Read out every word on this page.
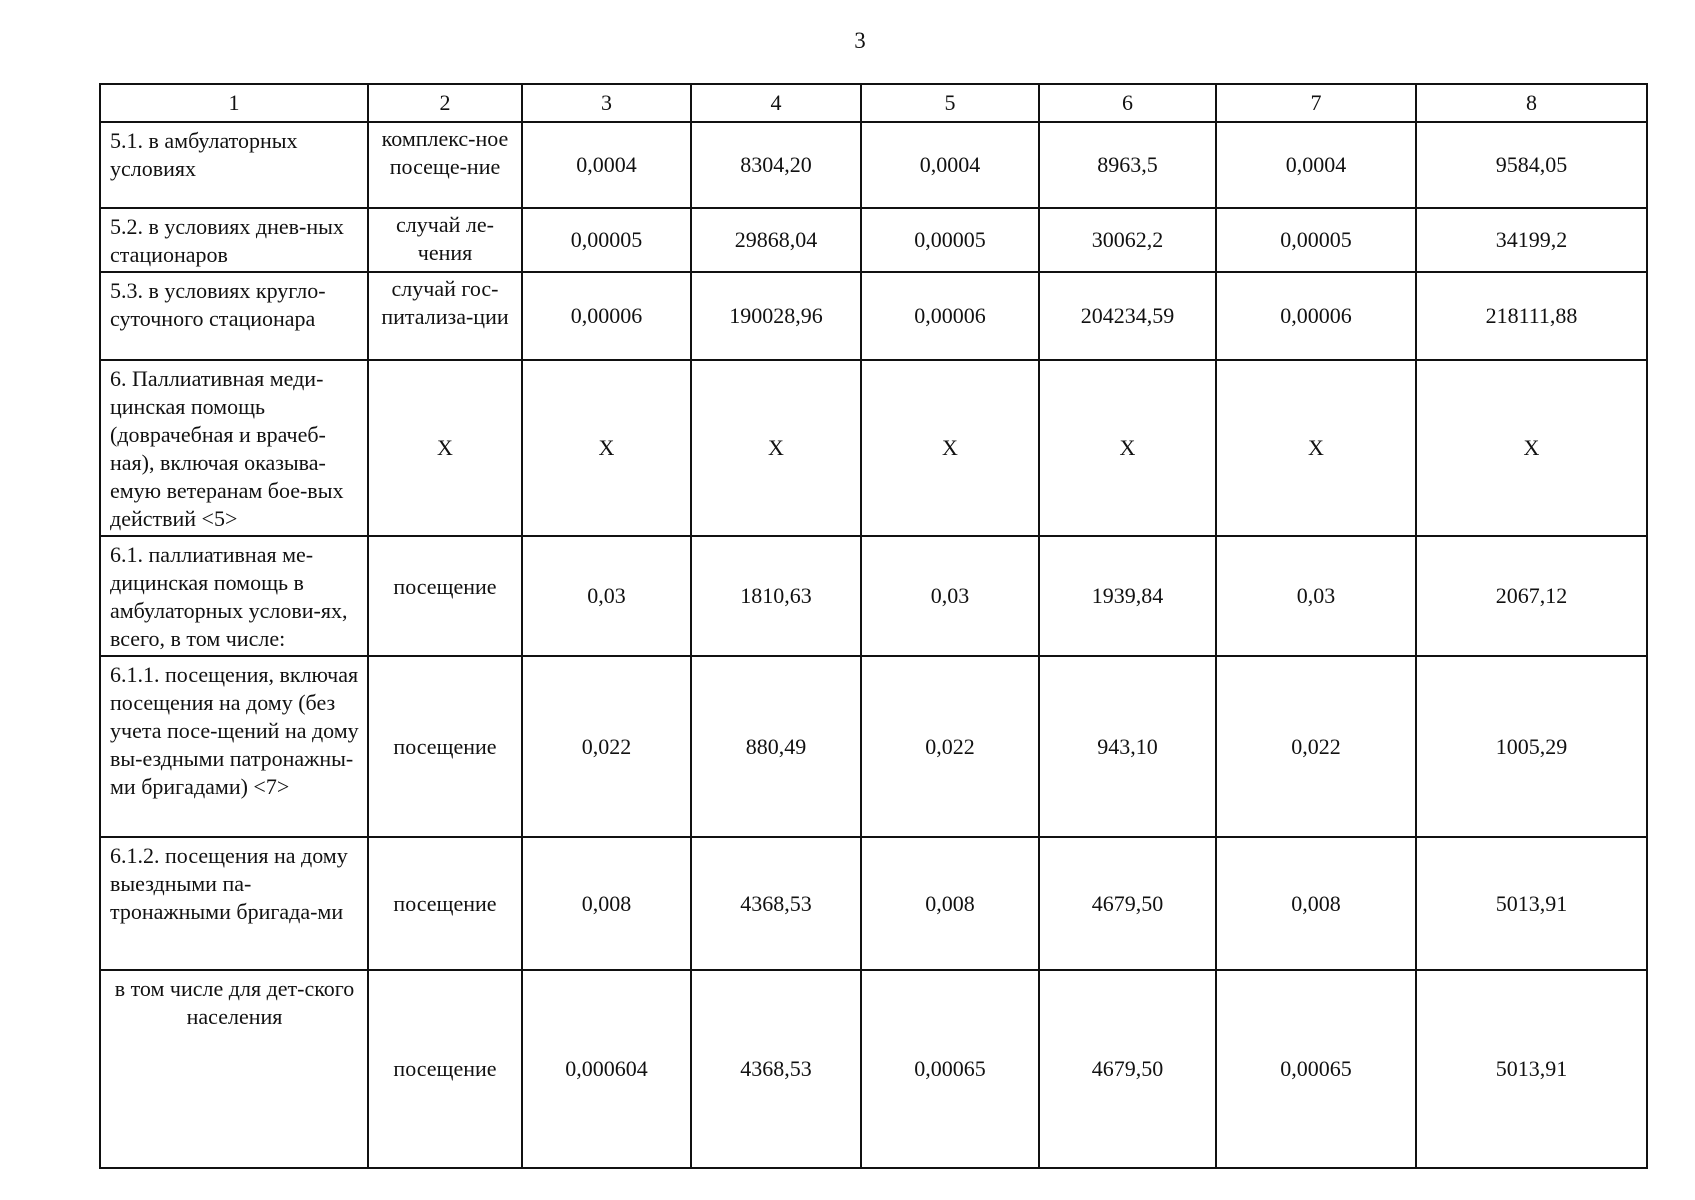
3
1	2	3	4	5	6	7	8
5.1. в амбулаторных условиях	комплекс-ное посеще-ние	0,0004	8304,20	0,0004	8963,5	0,0004	9584,05
5.2. в условиях днев-ных стационаров	случай ле-чения	0,00005	29868,04	0,00005	30062,2	0,00005	34199,2
5.3. в условиях кругло-суточного стационара	случай гос-питализа-ции	0,00006	190028,96	0,00006	204234,59	0,00006	218111,88
6. Паллиативная меди-цинская помощь (доврачебная и врачеб-ная), включая оказыва-емую ветеранам бое-вых действий <5>	X	X	X	X	X	X	X
6.1. паллиативная ме-дицинская помощь в амбулаторных услови-ях, всего, в том числе:	посещение	0,03	1810,63	0,03	1939,84	0,03	2067,12
6.1.1. посещения, включая посещения на дому (без учета посе-щений на дому вы-ездными патронажны-ми бригадами) <7>	посещение	0,022	880,49	0,022	943,10	0,022	1005,29
6.1.2. посещения на дому выездными па-тронажными бригада-ми	посещение	0,008	4368,53	0,008	4679,50	0,008	5013,91
в том числе для дет-ского населения	посещение	0,000604	4368,53	0,00065	4679,50	0,00065	5013,91
